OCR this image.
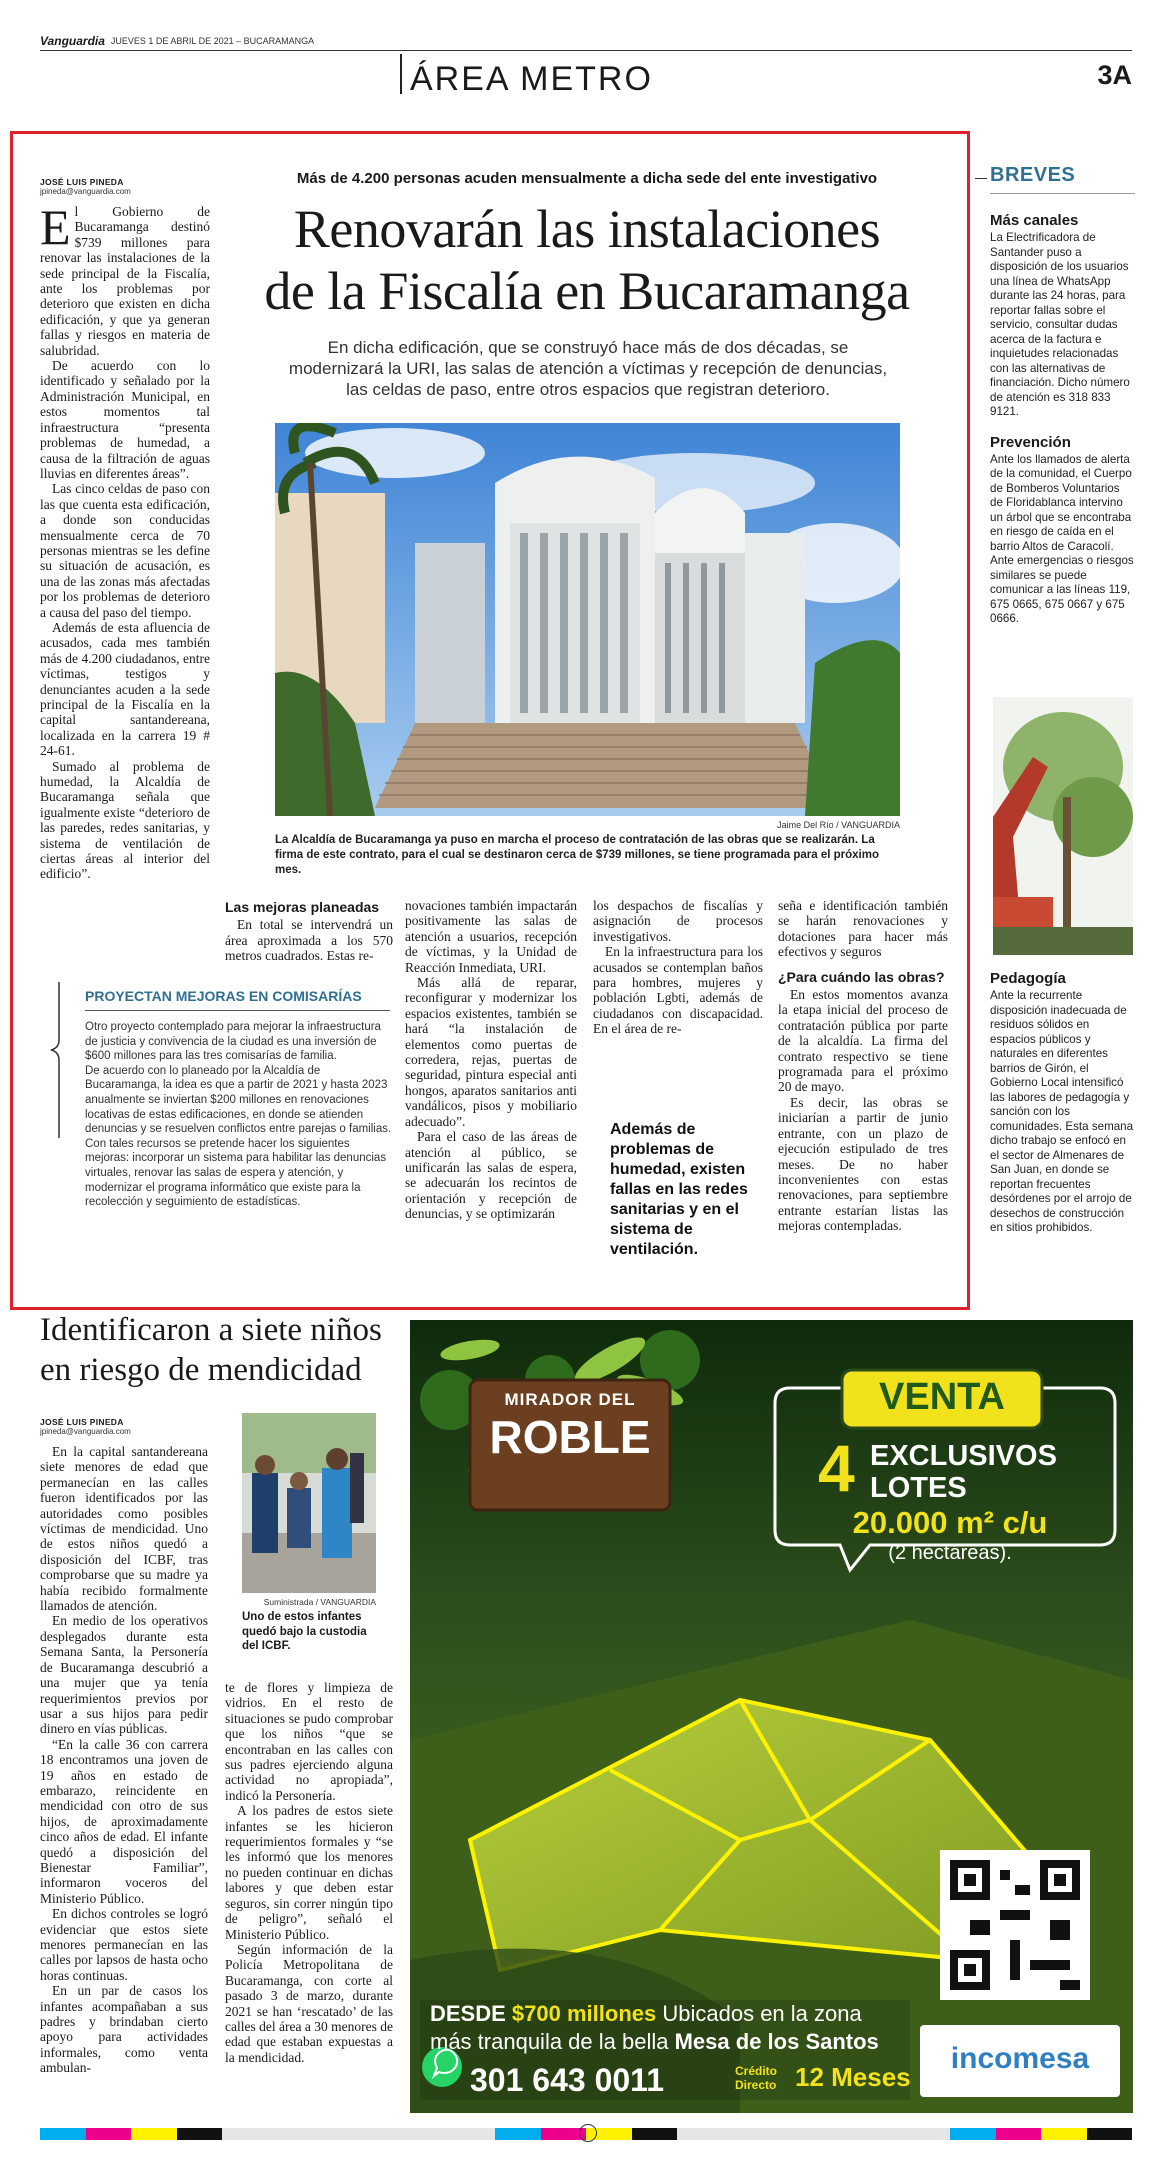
Vanguardia JUEVES 1 DE ABRIL DE 2021 – BUCARAMANGA
ÁREA METRO	3A
JOSÉ LUIS PINEDA
jpineda@vanguardia.com

El Gobierno de Bucaramanga destinó $739 millones para renovar las instalaciones de la sede principal de la Fiscalía, ante los problemas por deterioro que existen en dicha edificación, y que ya generan fallas y riesgos en materia de salubridad.

De acuerdo con lo identificado y señalado por la Administración Municipal, en estos momentos tal infraestructura “presenta problemas de humedad, a causa de la filtración de aguas lluvias en diferentes áreas”.

Las cinco celdas de paso con las que cuenta esta edificación, a donde son conducidas mensualmente cerca de 70 personas mientras se les define su situación de acusación, es una de las zonas más afectadas por los problemas de deterioro a causa del paso del tiempo.

Además de esta afluencia de acusados, cada mes también más de 4.200 ciudadanos, entre víctimas, testigos y denunciantes acuden a la sede principal de la Fiscalía en la capital santandereana, localizada en la carrera 19 # 24-61.

Sumado al problema de humedad, la Alcaldía de Bucaramanga señala que igualmente existe “deterioro de las paredes, redes sanitarias, y sistema de ventilación de ciertas áreas al interior del edificio”.

Más de 4.200 personas acuden mensualmente a dicha sede del ente investigativo
Renovarán las instalaciones
de la Fiscalía en Bucaramanga
En dicha edificación, que se construyó hace más de dos décadas, se modernizará la URI, las salas de atención a víctimas y recepción de denuncias, las celdas de paso, entre otros espacios que registran deterioro.
Jaime Del Río / VANGUARDIA
La Alcaldía de Bucaramanga ya puso en marcha el proceso de contratación de las obras que se realizarán. La firma de este contrato, para el cual se destinaron cerca de $739 millones, se tiene programada para el próximo mes.
Las mejoras planeadas

En total se intervendrá un área aproximada a los 570 metros cuadrados. Estas re-

novaciones también impactarán positivamente las salas de atención a usuarios, recepción de víctimas, y la Unidad de Reacción Inmediata, URI.

Más allá de reparar, reconfigurar y modernizar los espacios existentes, también se hará “la instalación de elementos como puertas de corredera, rejas, puertas de seguridad, pintura especial anti hongos, aparatos sanitarios anti vandálicos, pisos y mobiliario adecuado”.

Para el caso de las áreas de atención al público, se unificarán las salas de espera, se adecuarán los recintos de orientación y recepción de denuncias, y se optimizarán

los despachos de fiscalías y asignación de procesos investigativos.

En la infraestructura para los acusados se contemplan baños para hombres, mujeres y población Lgbti, además de ciudadanos con discapacidad. En el área de re-

Además de problemas de humedad, existen fallas en las redes sanitarias y en el sistema de ventilación.

seña e identificación también se harán renovaciones y dotaciones para hacer más efectivos y seguros

¿Para cuándo las obras?

En estos momentos avanza la etapa inicial del proceso de contratación pública por parte de la alcaldía. La firma del contrato respectivo se tiene programada para el próximo 20 de mayo.

Es decir, las obras se iniciarían a partir de junio entrante, con un plazo de ejecución estipulado de tres meses. De no haber inconvenientes con estas renovaciones, para septiembre entrante estarían listas las mejoras contempladas.

PROYECTAN MEJORAS EN COMISARÍAS
Otro proyecto contemplado para mejorar la infraestructura de justicia y convivencia de la ciudad es una inversión de $600 millones para las tres comisarías de familia.
De acuerdo con lo planeado por la Alcaldía de Bucaramanga, la idea es que a partir de 2021 y hasta 2023 anualmente se inviertan $200 millones en renovaciones locativas de estas edificaciones, en donde se atienden denuncias y se resuelven conflictos entre parejas o familias.
Con tales recursos se pretende hacer los siguientes mejoras: incorporar un sistema para habilitar las denuncias virtuales, renovar las salas de espera y atención, y modernizar el programa informático que existe para la recolección y seguimiento de estadísticas.
BREVES
Más canales
La Electrificadora de Santander puso a disposición de los usuarios una línea de WhatsApp durante las 24 horas, para reportar fallas sobre el servicio, consultar dudas acerca de la factura e inquietudes relacionadas con las alternativas de financiación. Dicho número de atención es 318 833 9121.
Prevención
Ante los llamados de alerta de la comunidad, el Cuerpo de Bomberos Voluntarios de Floridablanca intervino un árbol que se encontraba en riesgo de caída en el barrio Altos de Caracolí. Ante emergencias o riesgos similares se puede comunicar a las líneas 119, 675 0665, 675 0667 y 675 0666.
Pedagogía
Ante la recurrente disposición inadecuada de residuos sólidos en espacios públicos y naturales en diferentes barrios de Girón, el Gobierno Local intensificó las labores de pedagogía y sanción con los comunidades. Esta semana dicho trabajo se enfocó en el sector de Almenares de San Juan, en donde se reportan frecuentes desórdenes por el arrojo de desechos de construcción en sitios prohibidos.
Identificaron a siete niños
en riesgo de mendicidad
JOSÉ LUIS PINEDA
jpineda@vanguardia.com

En la capital santandereana siete menores de edad que permanecían en las calles fueron identificados por las autoridades como posibles víctimas de mendicidad. Uno de estos niños quedó a disposición del ICBF, tras comprobarse que su madre ya había recibido formalmente llamados de atención.

En medio de los operativos desplegados durante esta Semana Santa, la Personería de Bucaramanga descubrió a una mujer que ya tenía requerimientos previos por usar a sus hijos para pedir dinero en vías públicas.

“En la calle 36 con carrera 18 encontramos una joven de 19 años en estado de embarazo, reincidente en mendicidad con otro de sus hijos, de aproximadamente cinco años de edad. El infante quedó a disposición del Bienestar Familiar”, informaron voceros del Ministerio Público.

En dichos controles se logró evidenciar que estos siete menores permanecían en las calles por lapsos de hasta ocho horas continuas.

En un par de casos los infantes acompañaban a sus padres y brindaban cierto apoyo para actividades informales, como venta ambulan-

Suministrada / VANGUARDIA
Uno de estos infantes quedó bajo la custodia del ICBF.

te de flores y limpieza de vidrios. En el resto de situaciones se pudo comprobar que los niños “que se encontraban en las calles con sus padres ejerciendo alguna actividad no apropiada”, indicó la Personería.

A los padres de estos siete infantes se les hicieron requerimientos formales y “se les informó que los menores no pueden continuar en dichas labores y que deben estar seguros, sin correr ningún tipo de peligro”, señaló el Ministerio Público.

Según información de la Policía Metropolitana de Bucaramanga, con corte al pasado 3 de marzo, durante 2021 se han ‘rescatado’ de las calles del área a 30 menores de edad que estaban expuestas a la mendicidad.

MIRADOR DEL
ROBLE
VENTA
4 EXCLUSIVOS
LOTES
20.000 m² c/u
(2 hectáreas).
DESDE $700 millones Ubicados en la zona
más tranquila de la bella Mesa de los Santos
301 643 0011	Crédito Directo 12 Meses
incomesa
